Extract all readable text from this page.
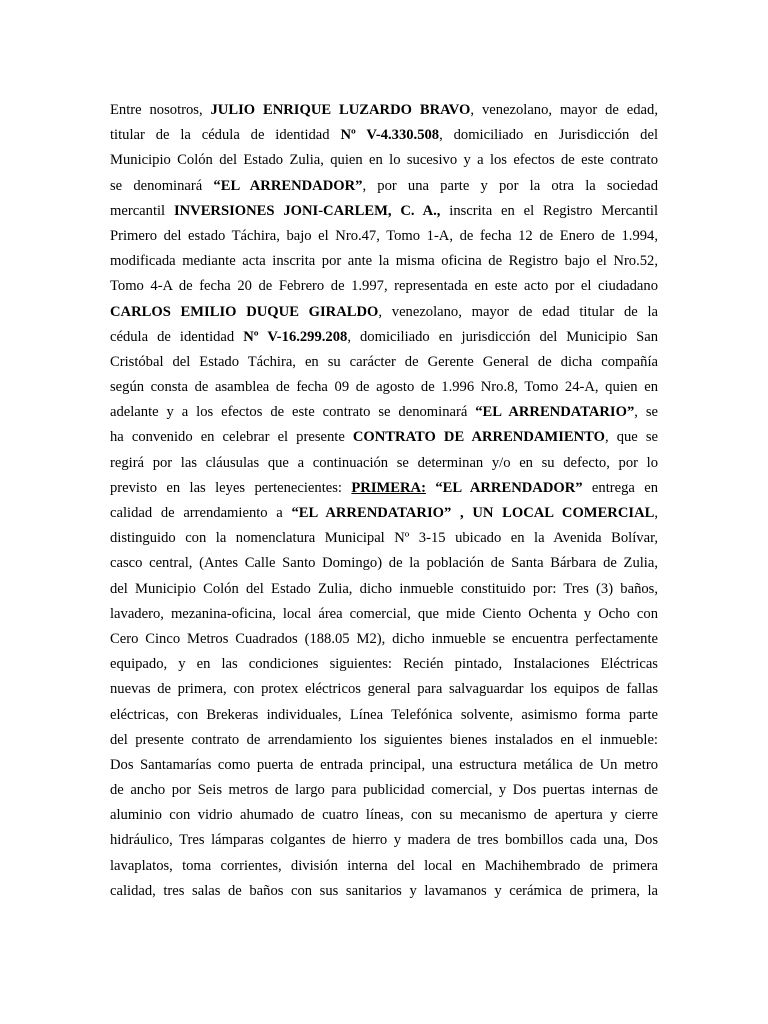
Entre nosotros, JULIO ENRIQUE LUZARDO BRAVO, venezolano, mayor de edad,
titular de la cédula de identidad Nº V-4.330.508, domiciliado en Jurisdicción del
Municipio Colón del Estado Zulia, quien en lo sucesivo y a los efectos de este contrato
se denominará “EL ARRENDADOR”, por una parte y por la otra la sociedad
mercantil INVERSIONES JONI-CARLEM, C. A., inscrita en el Registro Mercantil
Primero del estado Táchira, bajo el Nro.47, Tomo 1-A, de fecha 12 de Enero de 1.994,
modificada mediante acta inscrita por ante la misma oficina de Registro bajo el Nro.52,
Tomo 4-A de fecha 20 de Febrero de 1.997, representada en este acto por el ciudadano
CARLOS EMILIO DUQUE GIRALDO, venezolano, mayor de edad titular de la
cédula de identidad Nº V-16.299.208, domiciliado en jurisdicción del Municipio San
Cristóbal del Estado Táchira, en su carácter de Gerente General de dicha compañía
según consta de asamblea de fecha 09 de agosto de 1.996 Nro.8, Tomo 24-A, quien en
adelante y a los efectos de este contrato se denominará “EL ARRENDATARIO”, se
ha convenido en celebrar el presente CONTRATO DE ARRENDAMIENTO, que se
regirá por las cláusulas que a continuación se determinan y/o en su defecto, por lo
previsto en las leyes pertenecientes: PRIMERA: “EL ARRENDADOR” entrega en
calidad de arrendamiento a “EL ARRENDATARIO” , UN LOCAL COMERCIAL,
distinguido con la nomenclatura Municipal Nº 3-15 ubicado en la Avenida Bolívar,
casco central, (Antes Calle Santo Domingo) de la población de Santa Bárbara de Zulia,
del Municipio Colón del Estado Zulia, dicho inmueble constituido por: Tres (3) baños,
lavadero, mezanina-oficina, local área comercial, que mide Ciento Ochenta y Ocho con
Cero Cinco Metros Cuadrados (188.05 M2), dicho inmueble se encuentra perfectamente
equipado, y en las condiciones siguientes: Recién pintado, Instalaciones Eléctricas
nuevas de primera, con protex eléctricos general para salvaguardar los equipos de fallas
eléctricas, con Brekeras individuales, Línea Telefónica solvente, asimismo forma parte
del presente contrato de arrendamiento los siguientes bienes instalados en el inmueble:
Dos Santamarías como puerta de entrada principal, una estructura metálica de Un metro
de ancho por Seis metros de largo para publicidad comercial, y Dos puertas internas de
aluminio con vidrio ahumado de cuatro líneas, con su mecanismo de apertura y cierre
hidráulico, Tres lámparas colgantes de hierro y madera de tres bombillos cada una, Dos
lavaplatos, toma corrientes, división interna del local en Machihembrado de primera
calidad, tres salas de baños con sus sanitarios y lavamanos y cerámica de primera, la
